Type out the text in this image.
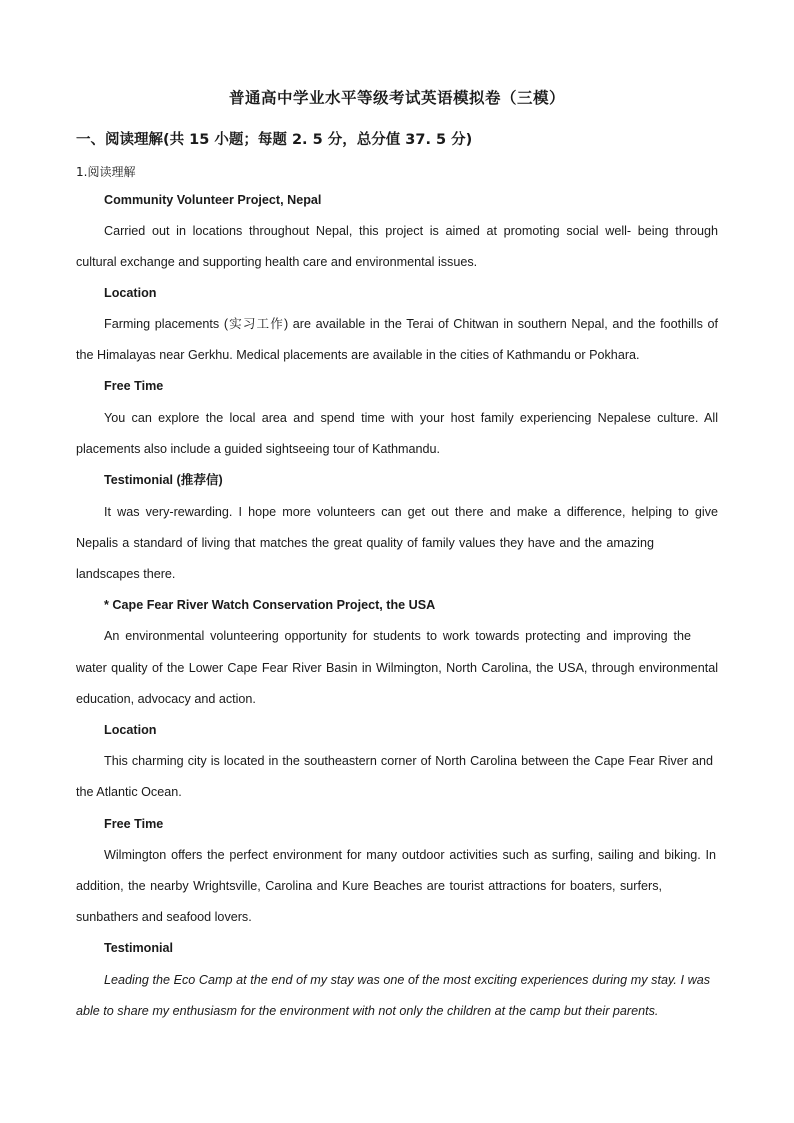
普通高中学业水平等级考试英语模拟卷（三模）
一、阅读理解(共 15 小题；每题 2. 5 分，总分值 37. 5 分)
1.阅读理解
Community Volunteer Project, Nepal
Carried out in locations throughout Nepal, this project is aimed at promoting social well- being through
cultural exchange and supporting health care and environmental issues.
Location
Farming placements (实习工作) are available in the Terai of Chitwan in southern Nepal, and the foothills of
the Himalayas near Gerkhu. Medical placements are available in the cities of Kathmandu or Pokhara.
Free Time
You can explore the local area and spend time with your host family experiencing Nepalese culture. All
placements also include a guided sightseeing tour of Kathmandu.
Testimonial (推荐信)
It was very-rewarding. I hope more volunteers can get out there and make a difference, helping to give
Nepalis a standard of living that matches the great quality of family values they have and the amazing
landscapes there.
* Cape Fear River Watch Conservation Project, the USA
An environmental volunteering opportunity for students to work towards protecting and improving the
water quality of the Lower Cape Fear River Basin in Wilmington, North Carolina, the USA, through environmental
education, advocacy and action.
Location
This charming city is located in the southeastern corner of North Carolina between the Cape Fear River and
the Atlantic Ocean.
Free Time
Wilmington offers the perfect environment for many outdoor activities such as surfing, sailing and biking. In
addition, the nearby Wrightsville, Carolina and Kure Beaches are tourist attractions for boaters, surfers,
sunbathers and seafood lovers.
Testimonial
Leading the Eco Camp at the end of my stay was one of the most exciting experiences during my stay. I was
able to share my enthusiasm for the environment with not only the children at the camp but their parents.
